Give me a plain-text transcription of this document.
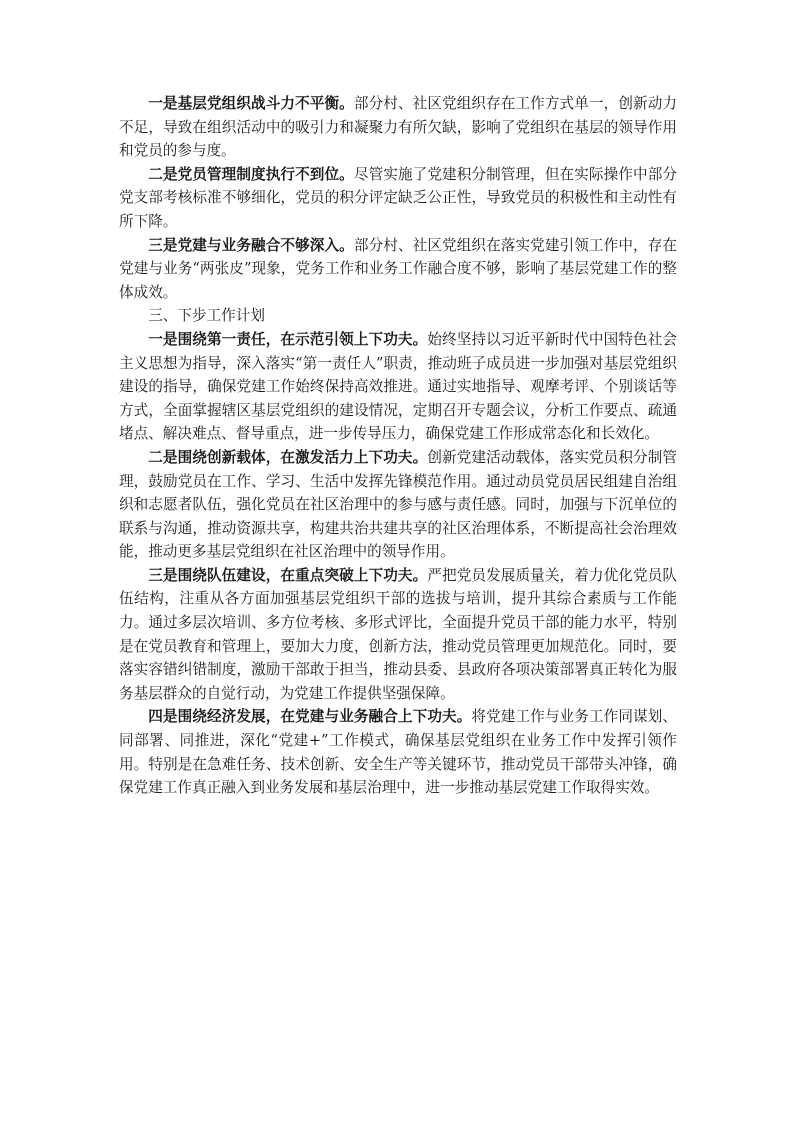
一是基层党组织战斗力不平衡。部分村、社区党组织存在工作方式单一，创新动力不足，导致在组织活动中的吸引力和凝聚力有所欠缺，影响了党组织在基层的领导作用和党员的参与度。

二是党员管理制度执行不到位。尽管实施了党建积分制管理，但在实际操作中部分党支部考核标准不够细化，党员的积分评定缺乏公正性，导致党员的积极性和主动性有所下降。

三是党建与业务融合不够深入。部分村、社区党组织在落实党建引领工作中，存在党建与业务“两张皮”现象，党务工作和业务工作融合度不够，影响了基层党建工作的整体成效。

三、下步工作计划

一是围绕第一责任，在示范引领上下功夫。始终坚持以习近平新时代中国特色社会主义思想为指导，深入落实“第一责任人”职责，推动班子成员进一步加强对基层党组织建设的指导，确保党建工作始终保持高效推进。通过实地指导、观摩考评、个别谈话等方式，全面掌握辖区基层党组织的建设情况，定期召开专题会议，分析工作要点、疏通堵点、解决难点、督导重点，进一步传导压力，确保党建工作形成常态化和长效化。

二是围绕创新载体，在激发活力上下功夫。创新党建活动载体，落实党员积分制管理，鼓励党员在工作、学习、生活中发挥先锋模范作用。通过动员党员居民组建自治组织和志愿者队伍，强化党员在社区治理中的参与感与责任感。同时，加强与下沉单位的联系与沟通，推动资源共享，构建共治共建共享的社区治理体系，不断提高社会治理效能，推动更多基层党组织在社区治理中的领导作用。

三是围绕队伍建设，在重点突破上下功夫。严把党员发展质量关，着力优化党员队伍结构，注重从各方面加强基层党组织干部的选拔与培训，提升其综合素质与工作能力。通过多层次培训、多方位考核、多形式评比，全面提升党员干部的能力水平，特别是在党员教育和管理上，要加大力度，创新方法，推动党员管理更加规范化。同时，要落实容错纠错制度，激励干部敢于担当，推动县委、县政府各项决策部署真正转化为服务基层群众的自觉行动，为党建工作提供坚强保障。

四是围绕经济发展，在党建与业务融合上下功夫。将党建工作与业务工作同谋划、同部署、同推进，深化“党建+”工作模式，确保基层党组织在业务工作中发挥引领作用。特别是在急难任务、技术创新、安全生产等关键环节，推动党员干部带头冲锋，确保党建工作真正融入到业务发展和基层治理中，进一步推动基层党建工作取得实效。
